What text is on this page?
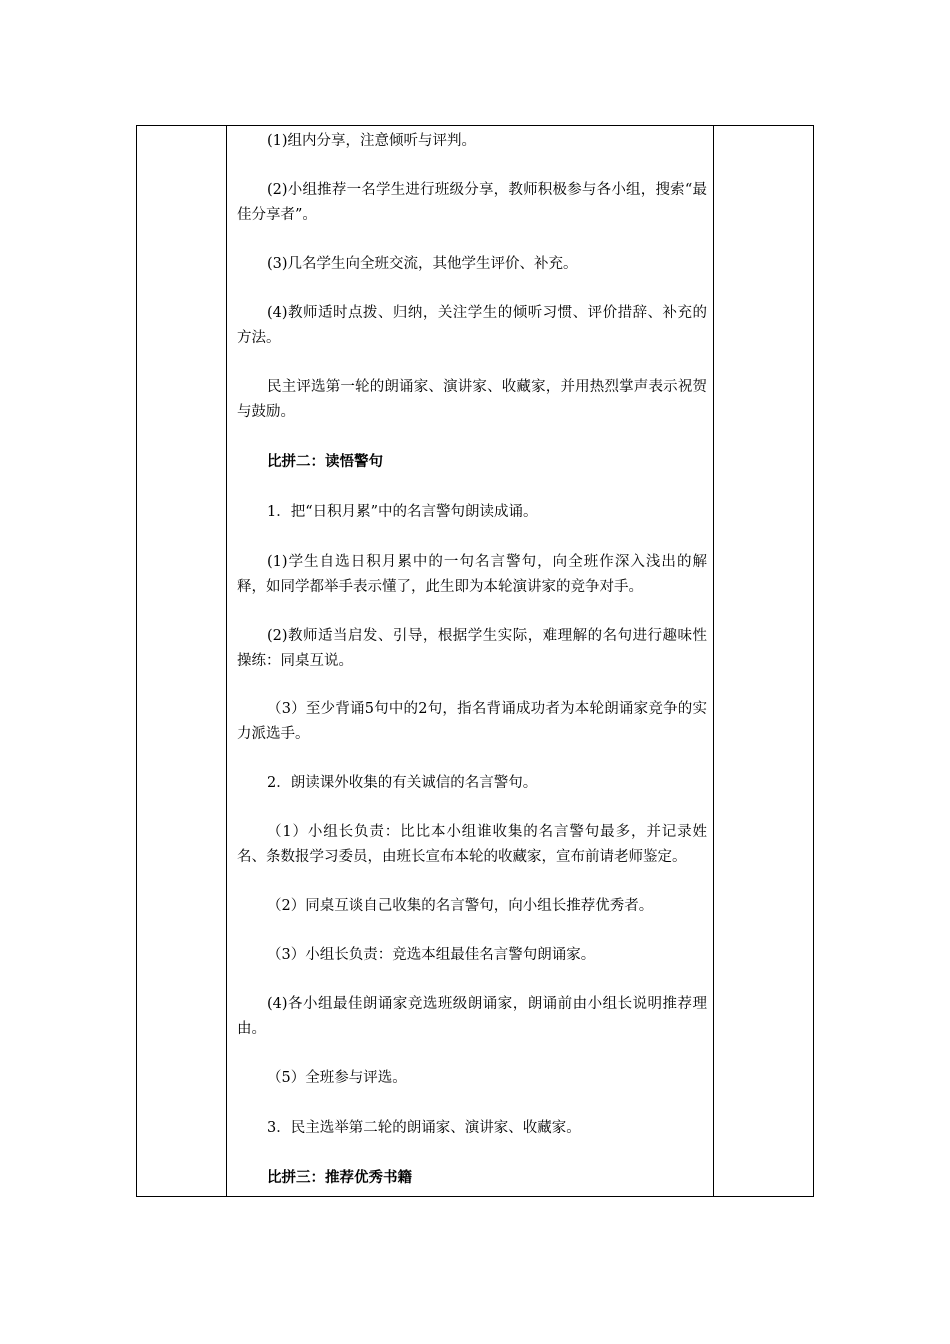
(1)组内分享，注意倾听与评判。
(2)小组推荐一名学生进行班级分享，教师积极参与各小组，搜索“最佳分享者”。
(3)几名学生向全班交流，其他学生评价、补充。
(4)教师适时点拨、归纳，关注学生的倾听习惯、评价措辞、补充的方法。
民主评选第一轮的朗诵家、演讲家、收藏家，并用热烈掌声表示祝贺与鼓励。
比拼二：读悟警句
1．把“日积月累”中的名言警句朗读成诵。
(1)学生自选日积月累中的一句名言警句，向全班作深入浅出的解释，如同学都举手表示懂了，此生即为本轮演讲家的竞争对手。
(2)教师适当启发、引导，根据学生实际，难理解的名句进行趣味性操练：同桌互说。
（3）至少背诵5句中的2句，指名背诵成功者为本轮朗诵家竞争的实力派选手。
2．朗读课外收集的有关诚信的名言警句。
（1）小组长负责：比比本小组谁收集的名言警句最多，并记录姓名、条数报学习委员，由班长宣布本轮的收藏家，宣布前请老师鉴定。
（2）同桌互谈自己收集的名言警句，向小组长推荐优秀者。
（3）小组长负责：竞选本组最佳名言警句朗诵家。
(4)各小组最佳朗诵家竞选班级朗诵家，朗诵前由小组长说明推荐理由。
（5）全班参与评选。
3．民主选举第二轮的朗诵家、演讲家、收藏家。
比拼三：推荐优秀书籍
